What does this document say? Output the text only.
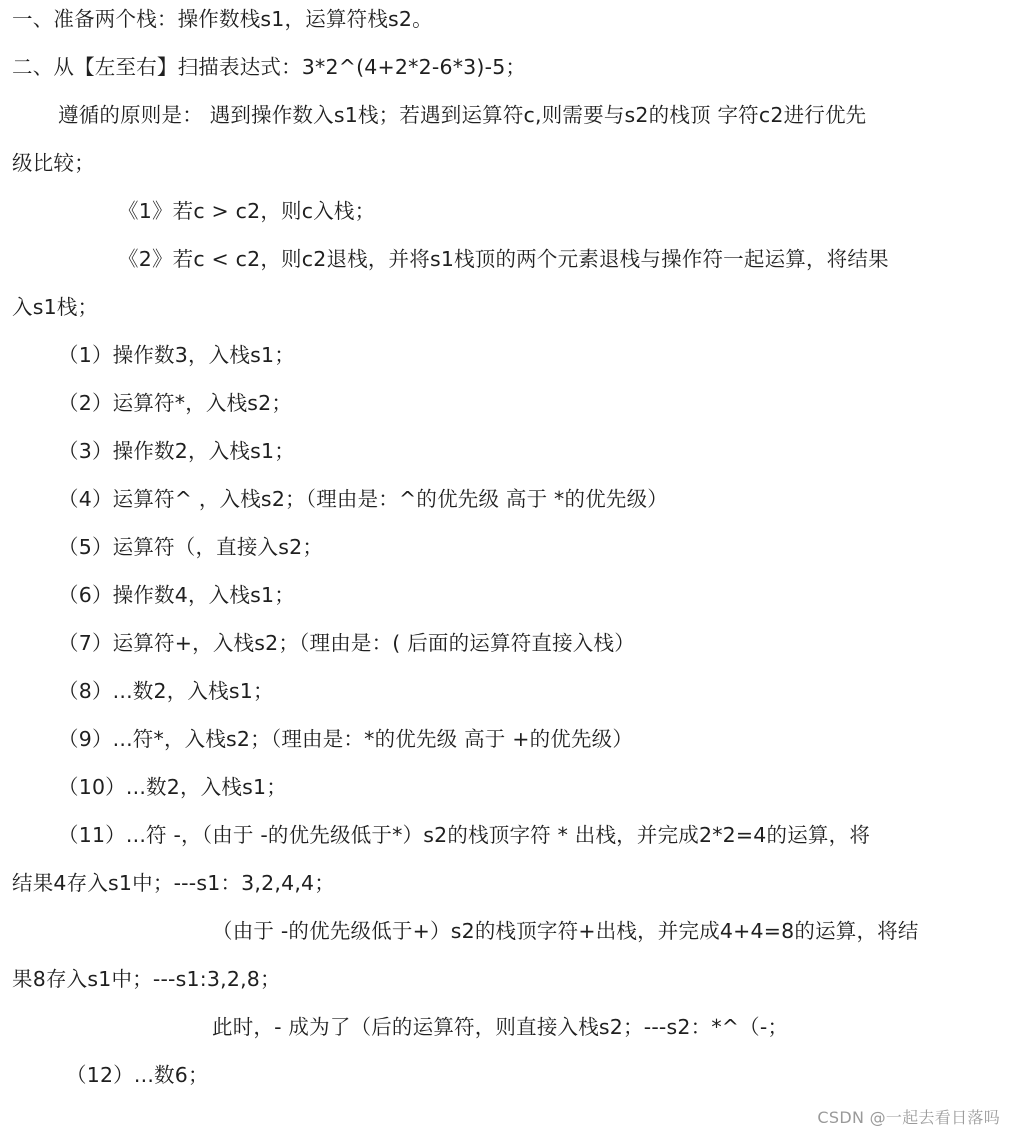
一、准备两个栈：操作数栈s1，运算符栈s2。
二、从【左至右】扫描表达式：3*2^(4+2*2-6*3)-5；
遵循的原则是： 遇到操作数入s1栈；若遇到运算符c,则需要与s2的栈顶 字符c2进行优先
级比较；
《1》若c > c2，则c入栈；
《2》若c < c2，则c2退栈，并将s1栈顶的两个元素退栈与操作符一起运算，将结果
入s1栈；
（1）操作数3，入栈s1；
（2）运算符*，入栈s2；
（3）操作数2，入栈s1；
（4）运算符^ ，入栈s2；（理由是：^的优先级 高于 *的优先级）
（5）运算符（，直接入s2；
（6）操作数4，入栈s1；
（7）运算符+，入栈s2；（理由是：( 后面的运算符直接入栈）
（8）...数2，入栈s1；
（9）...符*，入栈s2；（理由是：*的优先级 高于 +的优先级）
（10）...数2，入栈s1；
（11）...符 -，（由于 -的优先级低于*）s2的栈顶字符 * 出栈，并完成2*2=4的运算，将
结果4存入s1中；---s1：3,2,4,4；
（由于 -的优先级低于+）s2的栈顶字符+出栈，并完成4+4=8的运算，将结
果8存入s1中；---s1:3,2,8；
此时，- 成为了（后的运算符，则直接入栈s2；---s2：*^（-；
（12）...数6；
CSDN @一起去看日落吗
